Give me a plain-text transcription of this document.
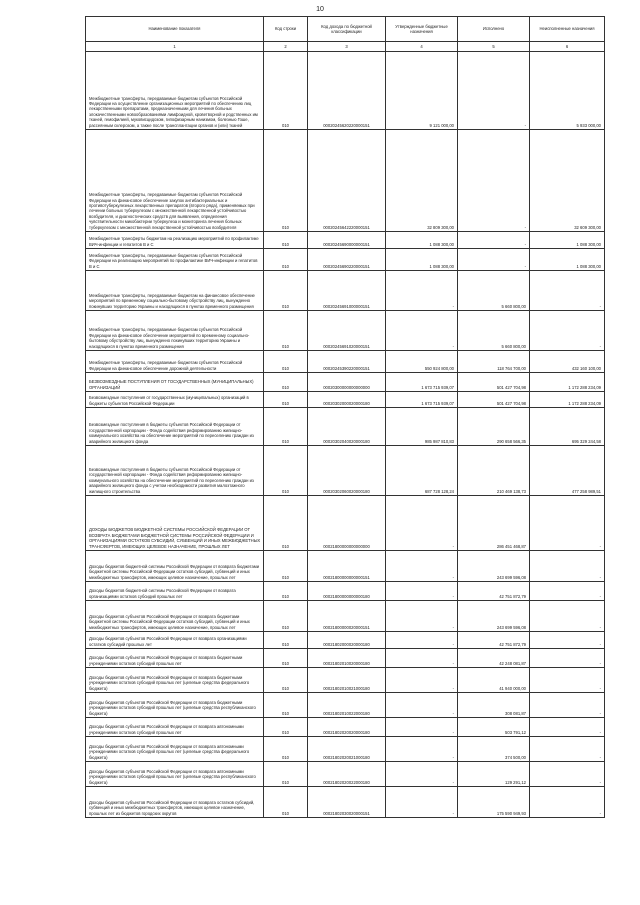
10
Наименование показателя	Код строки	Код дохода по бюджетной классификации	Утвержденные бюджетные назначения	Исполнено	Неисполненные назначения
1	2	3	4	5	6
Межбюджетные трансферты, передаваемые бюджетам субъектов Российской Федерации на осуществление организационных мероприятий по обеспечению лиц лекарственными препаратами, предназначенными для лечения больных злокачественными новообразованиями лимфоидной, кроветворной и родственных им тканей, гемофилией, муковисцидозом, гипофизарным нанизмом, болезнью Гоше, рассеянным склерозом, а также после трансплантации органов и (или) тканей	010	00020245620220000151	9 121 000,00	-	5 933 000,00
Межбюджетные трансферты, передаваемые бюджетам субъектов Российской Федерации на финансовое обеспечение закупок антибактериальных и противотуберкулезных лекарственных препаратов (второго ряда), применяемых при лечении больных туберкулезом с множественной лекарственной устойчивостью возбудителя, и диагностических средств для выявления, определения чувствительности микобактерии туберкулеза и мониторинга лечения больных туберкулезом с множественной лекарственной устойчивостью возбудителя	010	00020245642220000151	32 809 300,00	-	32 609 300,00
Межбюджетные трансферты бюджетам на реализацию мероприятий по профилактике ВИЧ-инфекции и гепатитов В и С	010	00020245690000000151	1 088 300,00	-	1 088 300,00
Межбюджетные трансферты, передаваемые бюджетам субъектов Российской Федерации на реализацию мероприятий по профилактике ВИЧ-инфекции и гепатитов В и С	010	00020245690220000151	1 088 300,00	-	1 088 300,00
Межбюджетные трансферты, передаваемые бюджетам на финансовое обеспечение мероприятий по временному социально-бытовому обустройству лиц, вынужденно покинувших территорию Украины и находящихся в пунктах временного размещения	010	00020245691000000151	-	5 660 800,00	-
Межбюджетные трансферты, передаваемые бюджетам субъектов Российской Федерации на финансовое обеспечение мероприятий по временному социально-бытовому обустройству лиц, вынужденно покинувших территорию Украины и находящихся в пунктах временного размещения	010	00020245691020000151	-	5 660 800,00	-
Межбюджетные трансферты, передаваемые бюджетам субъектов Российской Федерации на финансовое обеспечение дорожной деятельности	010	00020245390220000151	550 924 800,00	118 764 700,00	432 160 100,00
БЕЗВОЗМЕЗДНЫЕ ПОСТУПЛЕНИЯ ОТ ГОСУДАРСТВЕННЫХ (МУНИЦИПАЛЬНЫХ) ОРГАНИЗАЦИЙ	010	00020300000000000000	1 673 715 939,07	501 427 704,98	1 172 288 234,09
Безвозмездные поступления от государственных (муниципальных) организаций в бюджеты субъектов Российской Федерации	010	00020302000020000180	1 673 715 939,07	501 427 704,98	1 172 288 234,09
Безвозмездные поступления в бюджеты субъектов Российской Федерации от государственной корпорации - Фонда содействия реформированию жилищно-коммунального хозяйства на обеспечение мероприятий по переселению граждан из аварийного жилищного фонда	010	00020302040020000180	985 987 810,83	290 658 566,35	695 329 244,58
Безвозмездные поступления в бюджеты субъектов Российской Федерации от государственной корпорации - Фонда содействия реформированию жилищно-коммунального хозяйства на обеспечение мероприятий по переселению граждан из аварийного жилищного фонда с учетом необходимости развития малоэтажного жилищного строительства	010	00020302060020000180	687 728 128,24	210 469 138,73	477 258 989,51
ДОХОДЫ БЮДЖЕТОВ БЮДЖЕТНОЙ СИСТЕМЫ РОССИЙСКОЙ ФЕДЕРАЦИИ ОТ ВОЗВРАТА БЮДЖЕТАМИ БЮДЖЕТНОЙ СИСТЕМЫ РОССИЙСКОЙ ФЕДЕРАЦИИ И ОРГАНИЗАЦИЯМИ ОСТАТКОВ СУБСИДИЙ, СУБВЕНЦИЙ И ИНЫХ МЕЖБЮДЖЕТНЫХ ТРАНСФЕРТОВ, ИМЕЮЩИХ ЦЕЛЕВОЕ НАЗНАЧЕНИЕ, ПРОШЛЫХ ЛЕТ	010	00021800000000000000	-	286 451 468,87	-
Доходы бюджетов бюджетной системы Российской Федерации от возврата бюджетами бюджетной системы Российской Федерации остатков субсидий, субвенций и иных межбюджетных трансфертов, имеющих целевое назначение, прошлых лет	010	00021800000000000151	-	243 699 596,08	-
Доходы бюджетов бюджетной системы Российской Федерации от возврата организациями остатков субсидий прошлых лет	010	00021800000000000180	-	42 751 872,79	-
Доходы бюджетов субъектов Российской Федерации от возврата бюджетами бюджетной системы Российской Федерации остатков субсидий, субвенций и иных межбюджетных трансфертов, имеющих целевое назначение, прошлых лет	010	00021800000020000151	-	243 699 596,08	-
Доходы бюджетов субъектов Российской Федерации от возврата организациями остатков субсидий прошлых лет	010	00021802000020000180	-	42 751 872,79	-
Доходы бюджетов субъектов Российской Федерации от возврата бюджетными учреждениями остатков субсидий прошлых лет	010	00021802010020000180	-	42 248 081,87	-
Доходы бюджетов субъектов Российской Федерации от возврата бюджетными учреждениями остатков субсидий прошлых лет (целевые средства федерального бюджета)	010	00021802010021000180	-	41 940 000,00	-
Доходы бюджетов субъектов Российской Федерации от возврата бюджетными учреждениями остатков субсидий прошлых лет (целевые средства республиканского бюджета)	010	00021802010022000180	-	308 081,87	-
Доходы бюджетов субъектов Российской Федерации от возврата автономными учреждениями остатков субсидий прошлых лет	010	00021802020020000180	-	503 791,12	-
Доходы бюджетов субъектов Российской Федерации от возврата автономными учреждениями остатков субсидий прошлых лет (целевые средства федерального бюджета)	010	00021802020021000180	-	374 500,00	-
Доходы бюджетов субъектов Российской Федерации от возврата автономными учреждениями остатков субсидий прошлых лет (целевые средства республиканского бюджета)	010	00021802020022000180	-	129 291,12	-
Доходы бюджетов субъектов Российской Федерации от возврата остатков субсидий, субвенций и иных межбюджетных трансфертов, имеющих целевое назначение, прошлых лет из бюджетов городских округов	010	00021802030020000151	-	175 590 949,93	-
